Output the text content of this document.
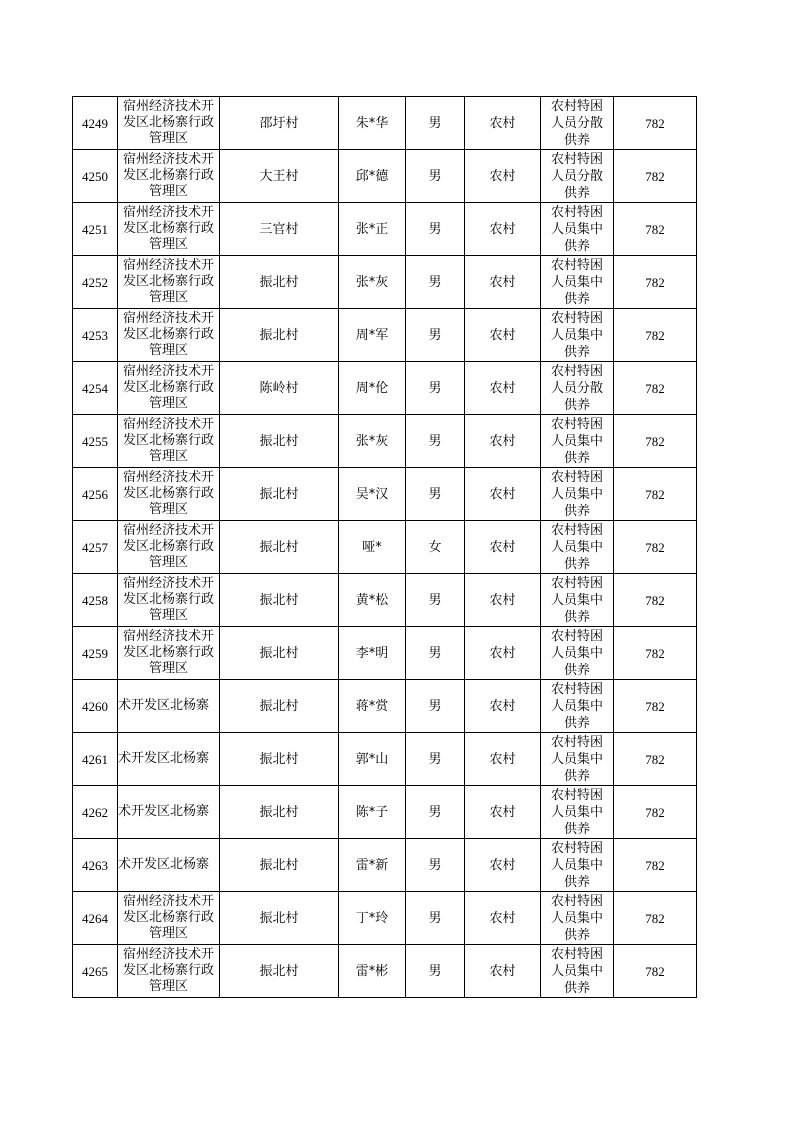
4249	宿州经济技术开发区北杨寨行政管理区	邵圩村	朱*华	男	农村	农村特困人员分散供养	782
4250	宿州经济技术开发区北杨寨行政管理区	大王村	邱*德	男	农村	农村特困人员分散供养	782
4251	宿州经济技术开发区北杨寨行政管理区	三官村	张*正	男	农村	农村特困人员集中供养	782
4252	宿州经济技术开发区北杨寨行政管理区	振北村	张*灰	男	农村	农村特困人员集中供养	782
4253	宿州经济技术开发区北杨寨行政管理区	振北村	周*军	男	农村	农村特困人员集中供养	782
4254	宿州经济技术开发区北杨寨行政管理区	陈岭村	周*伦	男	农村	农村特困人员分散供养	782
4255	宿州经济技术开发区北杨寨行政管理区	振北村	张*灰	男	农村	农村特困人员集中供养	782
4256	宿州经济技术开发区北杨寨行政管理区	振北村	吴*汉	男	农村	农村特困人员集中供养	782
4257	宿州经济技术开发区北杨寨行政管理区	振北村	哑*	女	农村	农村特困人员集中供养	782
4258	宿州经济技术开发区北杨寨行政管理区	振北村	黄*松	男	农村	农村特困人员集中供养	782
4259	宿州经济技术开发区北杨寨行政管理区	振北村	李*明	男	农村	农村特困人员集中供养	782
4260	术开发区北杨寨	振北村	蒋*赏	男	农村	农村特困人员集中供养	782
4261	术开发区北杨寨	振北村	郭*山	男	农村	农村特困人员集中供养	782
4262	术开发区北杨寨	振北村	陈*子	男	农村	农村特困人员集中供养	782
4263	术开发区北杨寨	振北村	雷*新	男	农村	农村特困人员集中供养	782
4264	宿州经济技术开发区北杨寨行政管理区	振北村	丁*玲	男	农村	农村特困人员集中供养	782
4265	宿州经济技术开发区北杨寨行政管理区	振北村	雷*彬	男	农村	农村特困人员集中供养	782
